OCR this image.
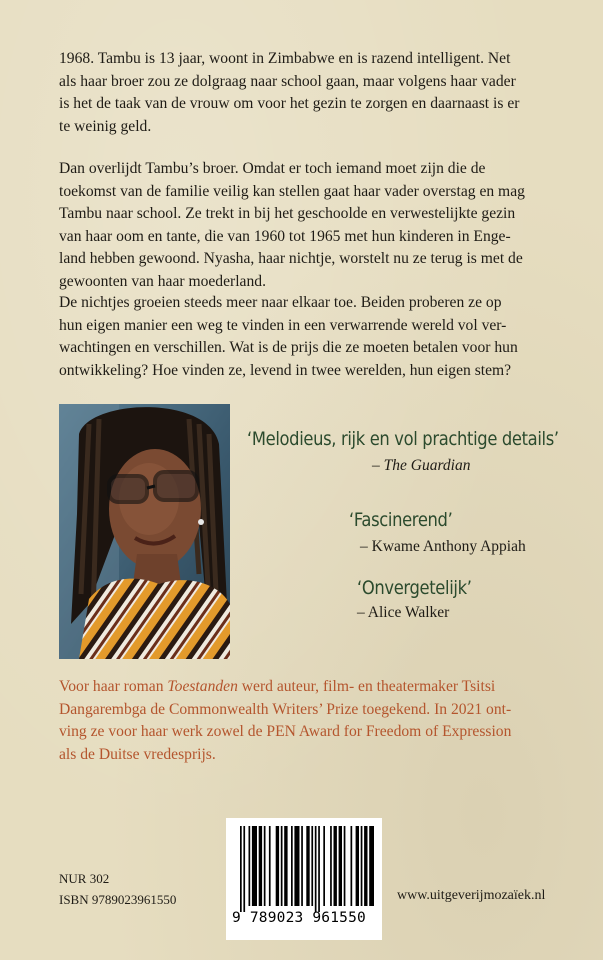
1968. Tambu is 13 jaar, woont in Zimbabwe en is razend intelligent. Net
als haar broer zou ze dolgraag naar school gaan, maar volgens haar vader
is het de taak van de vrouw om voor het gezin te zorgen en daarnaast is er
te weinig geld.

Dan overlijdt Tambu’s broer. Omdat er toch iemand moet zijn die de
toekomst van de familie veilig kan stellen gaat haar vader overstag en mag
Tambu naar school. Ze trekt in bij het geschoolde en verwestelijkte gezin
van haar oom en tante, die van 1960 tot 1965 met hun kinderen in Enge-
land hebben gewoond. Nyasha, haar nichtje, worstelt nu ze terug is met de
gewoonten van haar moederland.

De nichtjes groeien steeds meer naar elkaar toe. Beiden proberen ze op
hun eigen manier een weg te vinden in een verwarrende wereld vol ver-
wachtingen en verschillen. Wat is de prijs die ze moeten betalen voor hun
ontwikkeling? Hoe vinden ze, levend in twee werelden, hun eigen stem?

‘Melodieus, rijk en vol prachtige details’
– The Guardian
‘Fascinerend’
– Kwame Anthony Appiah
‘Onvergetelijk’
– Alice Walker

Voor haar roman Toestanden werd auteur, film- en theatermaker Tsitsi
Dangarembga de Commonwealth Writers’ Prize toegekend. In 2021 ont-
ving ze voor haar werk zowel de PEN Award for Freedom of Expression
als de Duitse vredesprijs.

NUR 302
ISBN 9789023961550
9 789023 961550
www.uitgeverijmozaïek.nl
